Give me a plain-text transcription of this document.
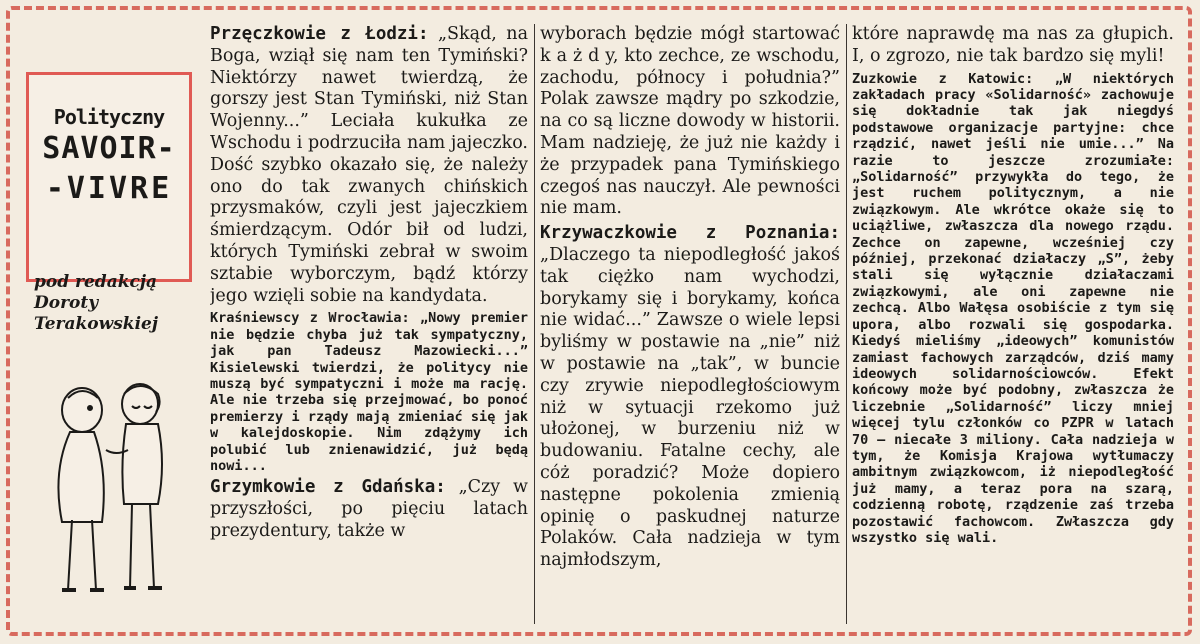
Polityczny
SAVOIR-
-VIVRE
pod redakcją
Doroty
Terakowskiej

Przęczkowie z Łodzi: „Skąd, na Boga, wziął się nam ten Tymiński? Niektórzy nawet twierdzą, że gorszy jest Stan Tymiński, niż Stan Wojenny...” Leciała kukułka ze Wschodu i podrzuciła nam jajeczko. Dość szybko okazało się, że należy ono do tak zwanych chińskich przysmaków, czyli jest jajeczkiem śmierdzącym. Odór bił od ludzi, których Tymiński zebrał w swoim sztabie wyborczym, bądź którzy jego wzięli sobie na kandydata.

Kraśniewscy z Wrocławia: „Nowy premier nie będzie chyba już tak sympatyczny, jak pan Tadeusz Mazowiecki...” Kisielewski twierdzi, że politycy nie muszą być sympatyczni i może ma rację. Ale nie trzeba się przejmować, bo ponoć premierzy i rządy mają zmieniać się jak w kalejdoskopie. Nim zdążymy ich polubić lub znienawidzić, już będą nowi...

Grzymkowie z Gdańska: „Czy w przyszłości, po pięciu latach prezydentury, także w

wyborach będzie mógł startować k a ż d y, kto zechce, ze wschodu, zachodu, północy i południa?” Polak zawsze mądry po szkodzie, na co są liczne dowody w historii. Mam nadzieję, że już nie każdy i że przypadek pana Tymińskiego czegoś nas nauczył. Ale pewności nie mam.

Krzywaczkowie z Poznania: „Dlaczego ta niepodległość jakoś tak ciężko nam wychodzi, borykamy się i borykamy, końca nie widać...” Zawsze o wiele lepsi byliśmy w postawie na „nie” niż w postawie na „tak”, w buncie czy zrywie niepodległościowym niż w sytuacji rzekomo już ułożonej, w burzeniu niż w budowaniu. Fatalne cechy, ale cóż poradzić? Może dopiero następne pokolenia zmienią opinię o paskudnej naturze Polaków. Cała nadzieja w tym najmłodszym,

które naprawdę ma nas za głupich. I, o zgrozo, nie tak bardzo się myli!

Zuzkowie z Katowic: „W niektórych zakładach pracy «Solidarność» zachowuje się dokładnie tak jak niegdyś podstawowe organizacje partyjne: chce rządzić, nawet jeśli nie umie...” Na razie to jeszcze zrozumiałe: „Solidarność” przywykła do tego, że jest ruchem politycznym, a nie związkowym. Ale wkrótce okaże się to uciążliwe, zwłaszcza dla nowego rządu. Zechce on zapewne, wcześniej czy później, przekonać działaczy „S”, żeby stali się wyłącznie działaczami związkowymi, ale oni zapewne nie zechcą. Albo Wałęsa osobiście z tym się upora, albo rozwali się gospodarka. Kiedyś mieliśmy „ideowych” komunistów zamiast fachowych zarządców, dziś mamy ideowych solidarnościowców. Efekt końcowy może być podobny, zwłaszcza że liczebnie „Solidarność” liczy mniej więcej tylu członków co PZPR w latach 70 — niecałe 3 miliony. Cała nadzieja w tym, że Komisja Krajowa wytłumaczy ambitnym związkowcom, iż niepodległość już mamy, a teraz pora na szarą, codzienną robotę, rządzenie zaś trzeba pozostawić fachowcom. Zwłaszcza gdy wszystko się wali.
